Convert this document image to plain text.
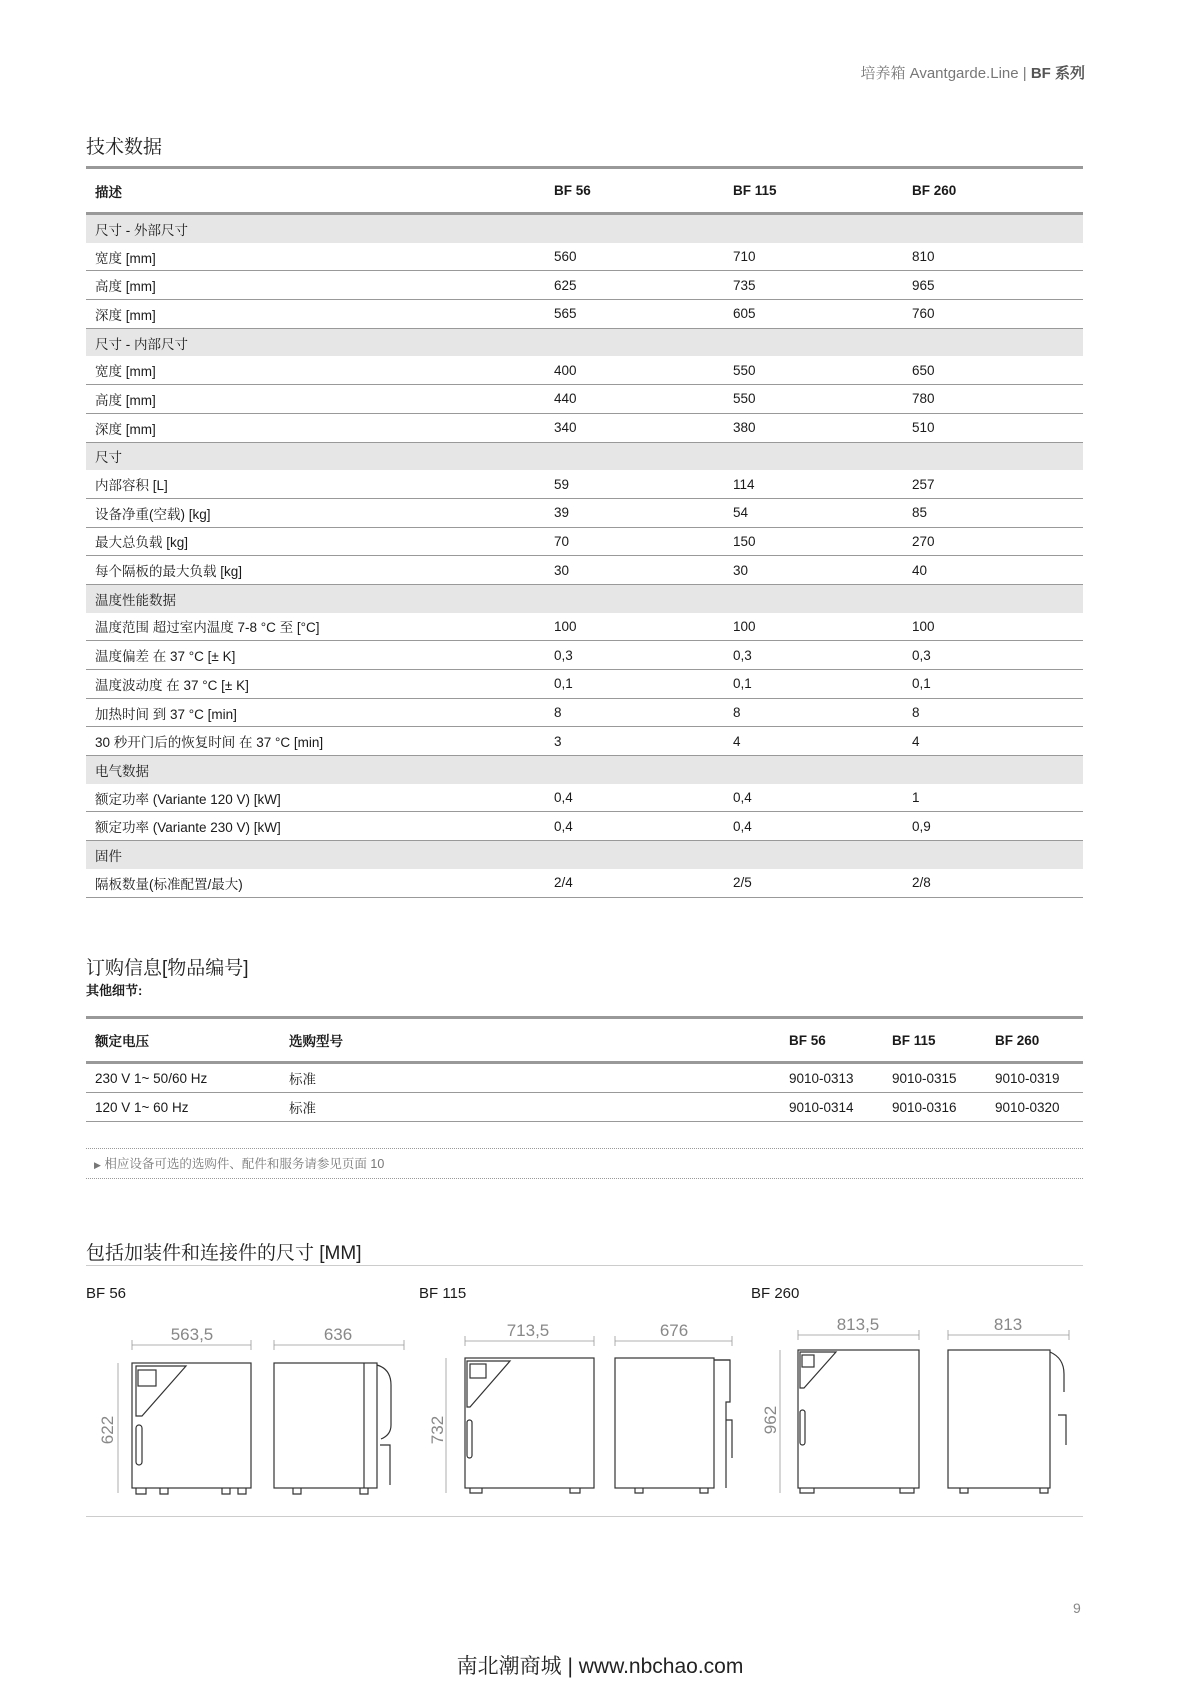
培养箱 Avantgarde.Line | BF 系列
技术数据
描述	BF 56	BF 115	BF 260
尺寸 - 外部尺寸			
宽度 [mm]	560	710	810
高度 [mm]	625	735	965
深度 [mm]	565	605	760
尺寸 - 内部尺寸			
宽度 [mm]	400	550	650
高度 [mm]	440	550	780
深度 [mm]	340	380	510
尺寸			
内部容积 [L]	59	114	257
设备净重(空载) [kg]	39	54	85
最大总负载 [kg]	70	150	270
每个隔板的最大负载 [kg]	30	30	40
温度性能数据			
温度范围 超过室内温度 7-8 °C 至 [°C]	100	100	100
温度偏差 在 37 °C [± K]	0,3	0,3	0,3
温度波动度 在 37 °C [± K]	0,1	0,1	0,1
加热时间 到 37 °C [min]	8	8	8
30 秒开门后的恢复时间 在 37 °C [min]	3	4	4
电气数据			
额定功率 (Variante 120 V) [kW]	0,4	0,4	1
额定功率 (Variante 230 V) [kW]	0,4	0,4	0,9
固件			
隔板数量(标准配置/最大)	2/4	2/5	2/8
订购信息[物品编号]
其他细节:
额定电压	选购型号	BF 56	BF 115	BF 260
230 V 1~ 50/60 Hz	标准	9010-0313	9010-0315	9010-0319
120 V 1~ 60 Hz	标准	9010-0314	9010-0316	9010-0320
▶ 相应设备可选的选购件、配件和服务请参见页面 10
包括加装件和连接件的尺寸 [MM]
BF 56	BF 115	BF 260
563,5	636
622
713,5	676
732
813,5	813
962
9
南北潮商城 | www.nbchao.com
